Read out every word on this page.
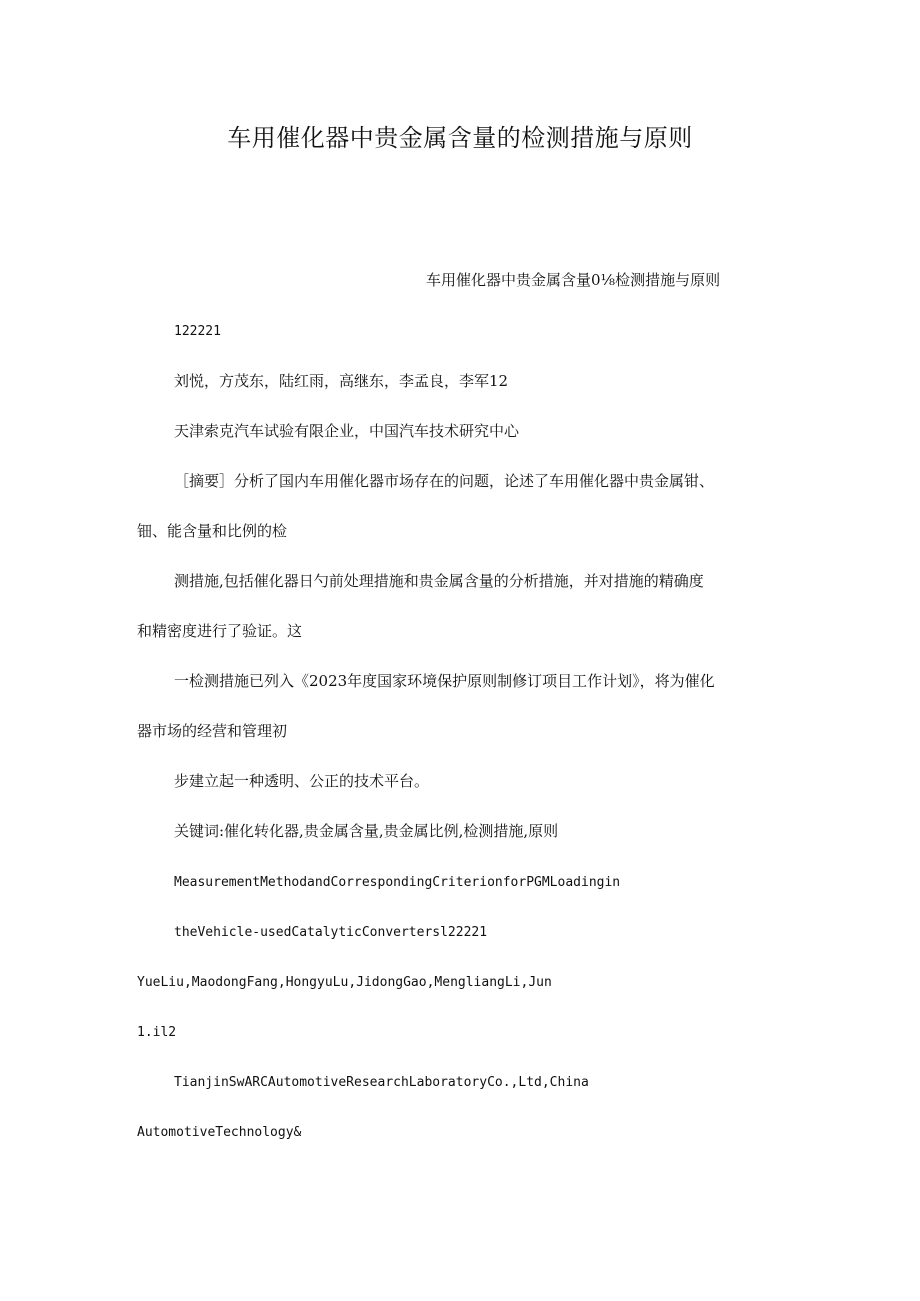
车用催化器中贵金属含量的检测措施与原则
车用催化器中贵金属含量0⅛检测措施与原则
122221
刘悦，方茂东，陆红雨，高继东，李孟良，李军12
天津索克汽车试验有限企业，中国汽车技术研究中心
［摘要］分析了国内车用催化器市场存在的问题，论述了车用催化器中贵金属钳、
钿、能含量和比例的检
测措施,包括催化器日勺前处理措施和贵金属含量的分析措施，并对措施的精确度
和精密度进行了验证。这
一检测措施已列入《2023年度国家环境保护原则制修订项目工作计划》，将为催化
器市场的经营和管理初
步建立起一种透明、公正的技术平台。
关键词:催化转化器,贵金属含量,贵金属比例,检测措施,原则
MeasurementMethodandCorrespondingCriterionforPGMLoadingin
theVehicle-usedCatalyticConvertersl22221
YueLiu,MaodongFang,HongyuLu,JidongGao,MengliangLi,Jun
1.il2
TianjinSwARCAutomotiveResearchLaboratoryCo.,Ltd,China
AutomotiveTechnology&
